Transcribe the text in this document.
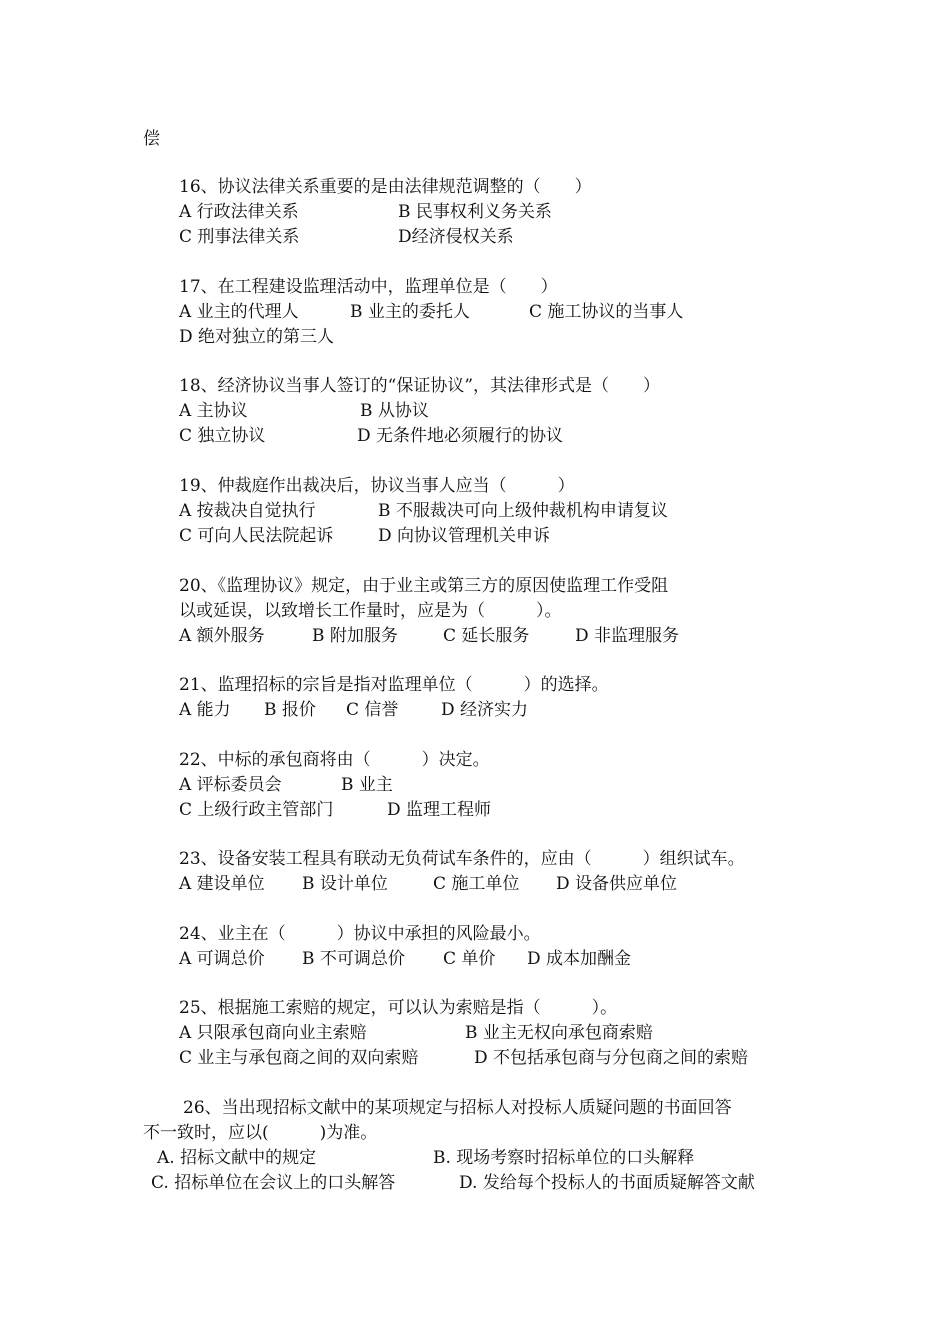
偿
16、协议法律关系重要的是由法律规范调整的（　　）
A 行政法律关系	B 民事权利义务关系
C 刑事法律关系	D经济侵权关系
17、在工程建设监理活动中，监理单位是（　　）
A 业主的代理人	B 业主的委托人	C 施工协议的当事人
D 绝对独立的第三人
18、经济协议当事人签订的“保证协议”，其法律形式是（　　）
A 主协议	B 从协议
C 独立协议	D 无条件地必须履行的协议
19、仲裁庭作出裁决后，协议当事人应当（　　　）
A 按裁决自觉执行	B 不服裁决可向上级仲裁机构申请复议
C 可向人民法院起诉	D 向协议管理机关申诉
20、《监理协议》规定，由于业主或第三方的原因使监理工作受阻
以或延误，以致增长工作量时，应是为（　　　）。
A 额外服务	B 附加服务	C 延长服务	D 非监理服务
21、监理招标的宗旨是指对监理单位（　　　）的选择。
A 能力 B 报价 C 信誉	D 经济实力
22、中标的承包商将由（　　　）决定。
A 评标委员会	B 业主
C 上级行政主管部门	D 监理工程师
23、设备安装工程具有联动无负荷试车条件的，应由（　　　）组织试车。
A 建设单位 B 设计单位	C 施工单位 D 设备供应单位
24、业主在（　　　）协议中承担的风险最小。
A 可调总价 B 不可调总价 C 单价 D 成本加酬金
25、根据施工索赔的规定，可以认为索赔是指（　　　）。
A 只限承包商向业主索赔	B 业主无权向承包商索赔
C 业主与承包商之间的双向索赔	D 不包括承包商与分包商之间的索赔
26、当出现招标文献中的某项规定与招标人对投标人质疑问题的书面回答
不一致时，应以(　　　)为准。
A. 招标文献中的规定	B. 现场考察时招标单位的口头解释
C. 招标单位在会议上的口头解答	D. 发给每个投标人的书面质疑解答文献
